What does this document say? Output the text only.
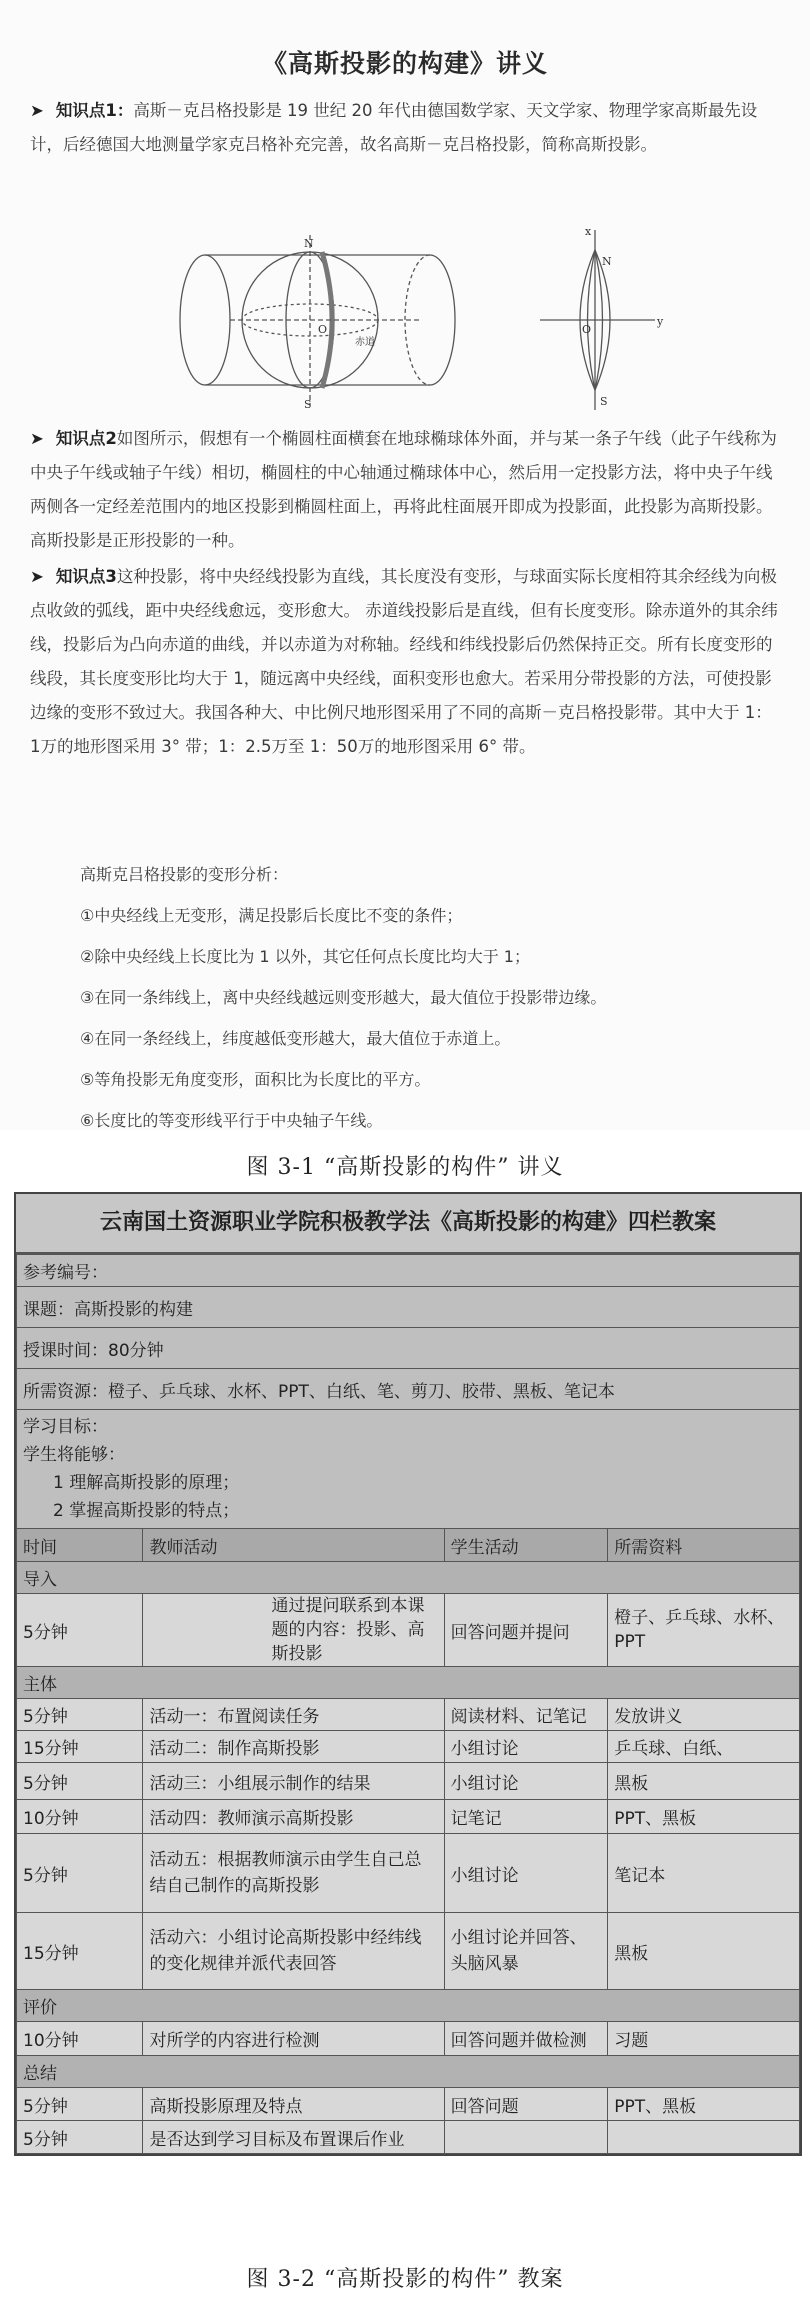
《高斯投影的构建》讲义
➤ 知识点1：高斯－克吕格投影是 19 世纪 20 年代由德国数学家、天文学家、物理学家高斯最先设计，后经德国大地测量学家克吕格补充完善，故名高斯－克吕格投影，简称高斯投影。
N
S
O
赤道
x
N
O
y
S
➤ 知识点2如图所示，假想有一个椭圆柱面横套在地球椭球体外面，并与某一条子午线（此子午线称为中央子午线或轴子午线）相切，椭圆柱的中心轴通过椭球体中心，然后用一定投影方法，将中央子午线两侧各一定经差范围内的地区投影到椭圆柱面上，再将此柱面展开即成为投影面，此投影为高斯投影。高斯投影是正形投影的一种。
➤ 知识点3这种投影，将中央经线投影为直线，其长度没有变形，与球面实际长度相符其余经线为向极点收敛的弧线，距中央经线愈远，变形愈大。 赤道线投影后是直线，但有长度变形。除赤道外的其余纬线，投影后为凸向赤道的曲线，并以赤道为对称轴。经线和纬线投影后仍然保持正交。所有长度变形的线段，其长度变形比均大于 1，随远离中央经线，面积变形也愈大。若采用分带投影的方法，可使投影边缘的变形不致过大。我国各种大、中比例尺地形图采用了不同的高斯－克吕格投影带。其中大于 1：1万的地形图采用 3° 带；1：2.5万至 1：50万的地形图采用 6° 带。
高斯克吕格投影的变形分析：
①中央经线上无变形，满足投影后长度比不变的条件；
②除中央经线上长度比为 1 以外，其它任何点长度比均大于 1；
③在同一条纬线上，离中央经线越远则变形越大，最大值位于投影带边缘。
④在同一条经线上，纬度越低变形越大，最大值位于赤道上。
⑤等角投影无角度变形，面积比为长度比的平方。
⑥长度比的等变形线平行于中央轴子午线。
图 3-1 “高斯投影的构件” 讲义
云南国土资源职业学院积极教学法《高斯投影的构建》四栏教案
参考编号：			
课题：高斯投影的构建			
授课时间：80分钟			
所需资源：橙子、乒乓球、水杯、PPT、白纸、笔、剪刀、胶带、黑板、笔记本			

学习目标：
学生将能够：
1 理解高斯投影的原理；
2 掌握高斯投影的特点；			

时间	教师活动	学生活动	所需资料
导入			
5分钟	通过提问联系到本课题的内容：投影、高斯投影	回答问题并提问	橙子、乒乓球、水杯、PPT
主体			
5分钟	活动一：布置阅读任务	阅读材料、记笔记	发放讲义
15分钟	活动二：制作高斯投影	小组讨论	乒乓球、白纸、
5分钟	活动三：小组展示制作的结果	小组讨论	黑板
10分钟	活动四：教师演示高斯投影	记笔记	PPT、黑板
5分钟	活动五：根据教师演示由学生自己总结自己制作的高斯投影	小组讨论	笔记本
15分钟	活动六：小组讨论高斯投影中经纬线的变化规律并派代表回答	小组讨论并回答、头脑风暴	黑板
评价			
10分钟	对所学的内容进行检测	回答问题并做检测	习题
总结			
5分钟	高斯投影原理及特点	回答问题	PPT、黑板
5分钟	是否达到学习目标及布置课后作业		
图 3-2 “高斯投影的构件” 教案
